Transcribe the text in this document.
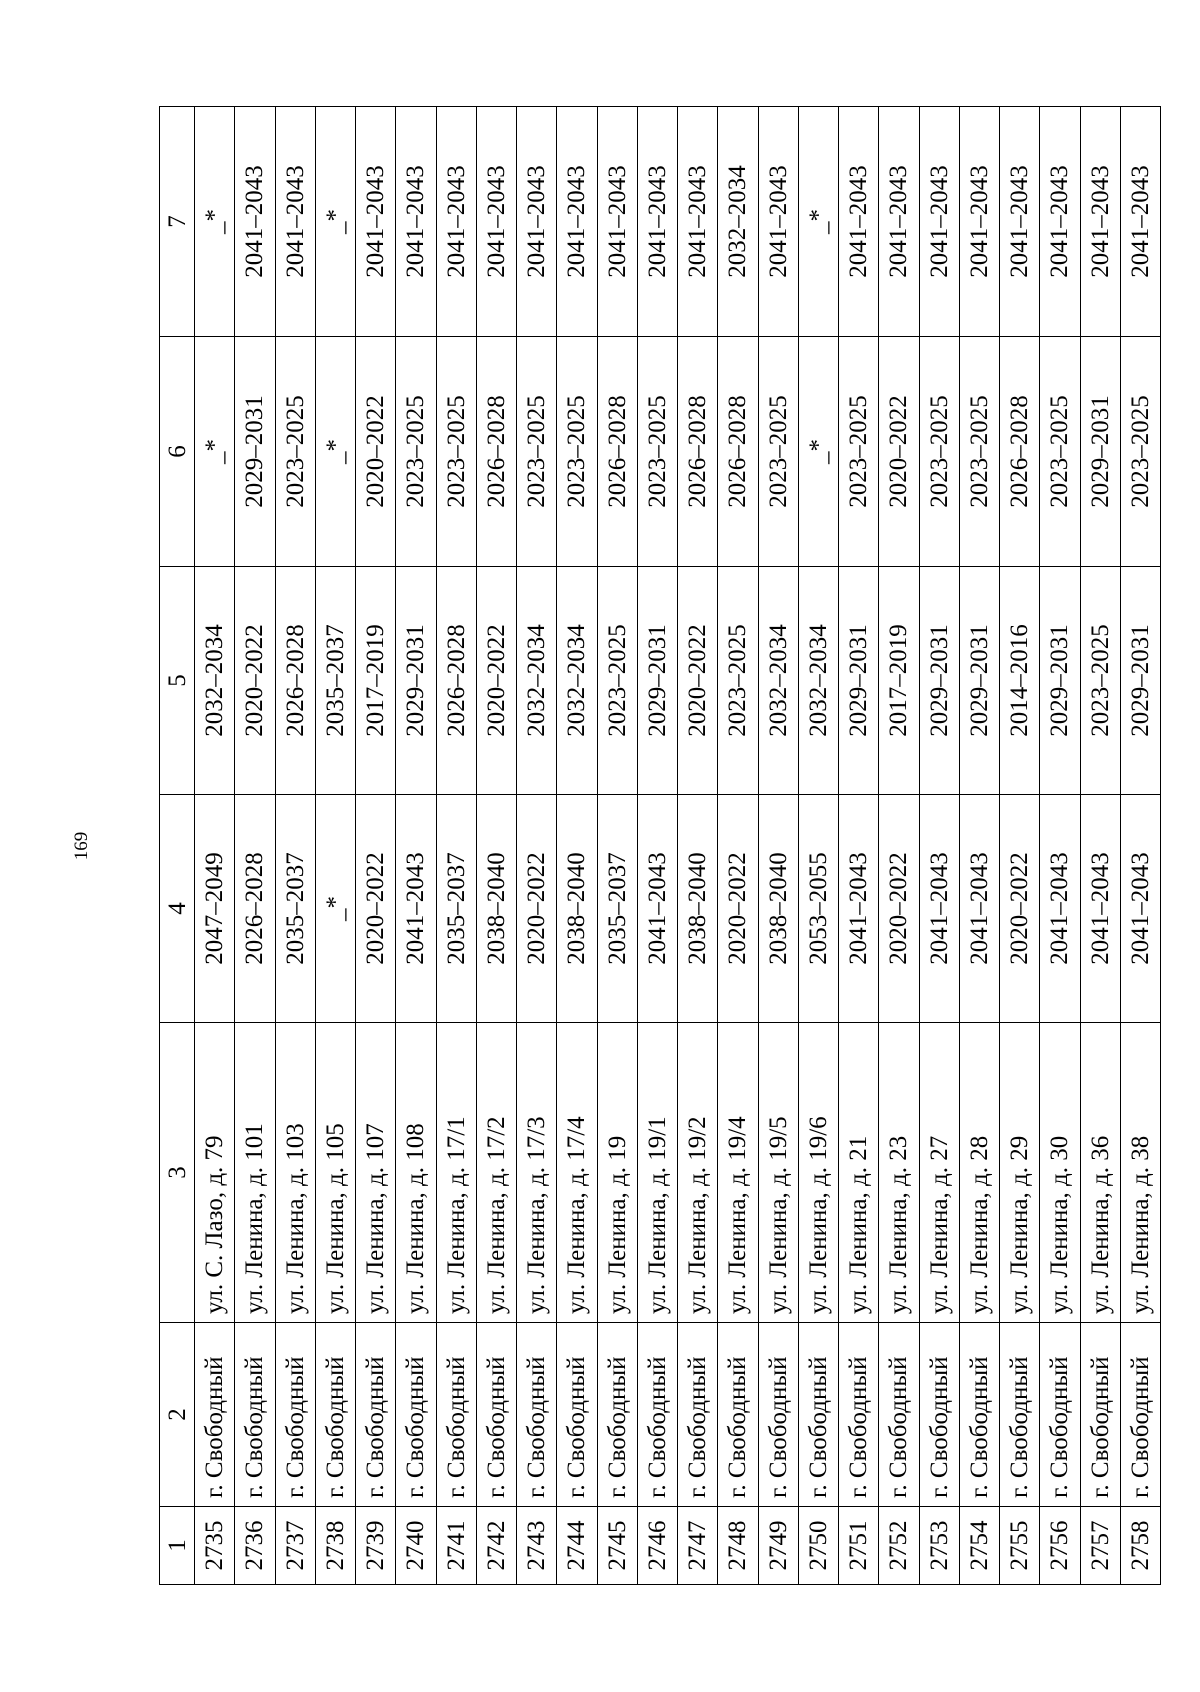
169
1	2	3	4	5	6	7
2735	г. Свободный	ул. С. Лазо, д. 79	2047–2049	2032–2034	_*	_*
2736	г. Свободный	ул. Ленина, д. 101	2026–2028	2020–2022	2029–2031	2041–2043
2737	г. Свободный	ул. Ленина, д. 103	2035–2037	2026–2028	2023–2025	2041–2043
2738	г. Свободный	ул. Ленина, д. 105	_*	2035–2037	_*	_*
2739	г. Свободный	ул. Ленина, д. 107	2020–2022	2017–2019	2020–2022	2041–2043
2740	г. Свободный	ул. Ленина, д. 108	2041–2043	2029–2031	2023–2025	2041–2043
2741	г. Свободный	ул. Ленина, д. 17/1	2035–2037	2026–2028	2023–2025	2041–2043
2742	г. Свободный	ул. Ленина, д. 17/2	2038–2040	2020–2022	2026–2028	2041–2043
2743	г. Свободный	ул. Ленина, д. 17/3	2020–2022	2032–2034	2023–2025	2041–2043
2744	г. Свободный	ул. Ленина, д. 17/4	2038–2040	2032–2034	2023–2025	2041–2043
2745	г. Свободный	ул. Ленина, д. 19	2035–2037	2023–2025	2026–2028	2041–2043
2746	г. Свободный	ул. Ленина, д. 19/1	2041–2043	2029–2031	2023–2025	2041–2043
2747	г. Свободный	ул. Ленина, д. 19/2	2038–2040	2020–2022	2026–2028	2041–2043
2748	г. Свободный	ул. Ленина, д. 19/4	2020–2022	2023–2025	2026–2028	2032–2034
2749	г. Свободный	ул. Ленина, д. 19/5	2038–2040	2032–2034	2023–2025	2041–2043
2750	г. Свободный	ул. Ленина, д. 19/6	2053–2055	2032–2034	_*	_*
2751	г. Свободный	ул. Ленина, д. 21	2041–2043	2029–2031	2023–2025	2041–2043
2752	г. Свободный	ул. Ленина, д. 23	2020–2022	2017–2019	2020–2022	2041–2043
2753	г. Свободный	ул. Ленина, д. 27	2041–2043	2029–2031	2023–2025	2041–2043
2754	г. Свободный	ул. Ленина, д. 28	2041–2043	2029–2031	2023–2025	2041–2043
2755	г. Свободный	ул. Ленина, д. 29	2020–2022	2014–2016	2026–2028	2041–2043
2756	г. Свободный	ул. Ленина, д. 30	2041–2043	2029–2031	2023–2025	2041–2043
2757	г. Свободный	ул. Ленина, д. 36	2041–2043	2023–2025	2029–2031	2041–2043
2758	г. Свободный	ул. Ленина, д. 38	2041–2043	2029–2031	2023–2025	2041–2043
